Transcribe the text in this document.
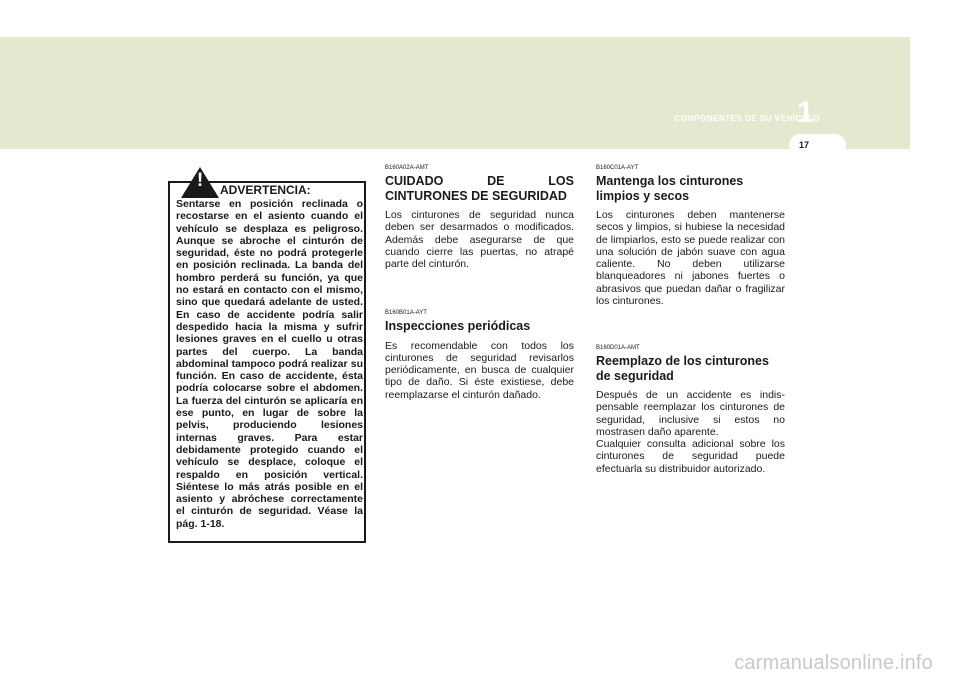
COMPONENTES DE SU VEHÍCULO
1
17
!	ADVERTENCIA:

Sentarse en posición reclinada o recostarse en el asiento cuando el vehículo se desplaza es peligroso. Aunque se abroche el cinturón de seguridad, éste no podrá protegerle en posición reclinada. La banda del hombro perderá su función, ya que no estará en contacto con el mismo, sino que quedará adelante de usted. En caso de accidente podría salir despedido hacia la misma y sufrir lesiones graves en el cuello u otras partes del cuerpo. La banda abdominal tampoco podrá realizar su función. En caso de accidente, ésta podría colocarse sobre el abdomen. La fuerza del cinturón se aplicaría en ese punto, en lugar de sobre la pelvis, produciendo lesiones internas graves. Para estar debidamente protegido cuando el vehículo se desplace, coloque el respaldo en posición vertical. Siéntese lo más atrás posible en el asiento y abróchese correctamente el cinturón de seguridad. Véase la pág. 1-18.

B160A02A-AMT
CUIDADO DE LOS
CINTURONES DE SEGURIDAD

Los cinturones de seguridad nunca deben ser desarmados o modificados. Además debe asegurarse de que cuando cierre las puertas, no atrapé parte del cinturón.

B160B01A-AYT
Inspecciones periódicas

Es recomendable con todos los cinturones de seguridad revisarlos periódicamente, en busca de cualquier tipo de daño. Si éste existiese, debe reemplazarse el cinturón dañado.

B160C01A-AYT
Mantenga los cinturones limpios y secos

Los cinturones deben mantenerse secos y limpios, si hubiese la necesidad de limpiarlos, esto se puede realizar con una solución de jabón suave con agua caliente. No deben utilizarse blanqueadores ni jabones fuertes o abrasivos que puedan dañar o fragilizar los cinturones.

B160D01A-AMT
Reemplazo de los cinturones de seguridad

Después de un accidente es indis- pensable reemplazar los cinturones de seguridad, inclusive si estos no mostrasen daño aparente.
Cualquier consulta adicional sobre los cinturones de seguridad puede efectuarla su distribuidor autorizado.

carmanualsonline.info
